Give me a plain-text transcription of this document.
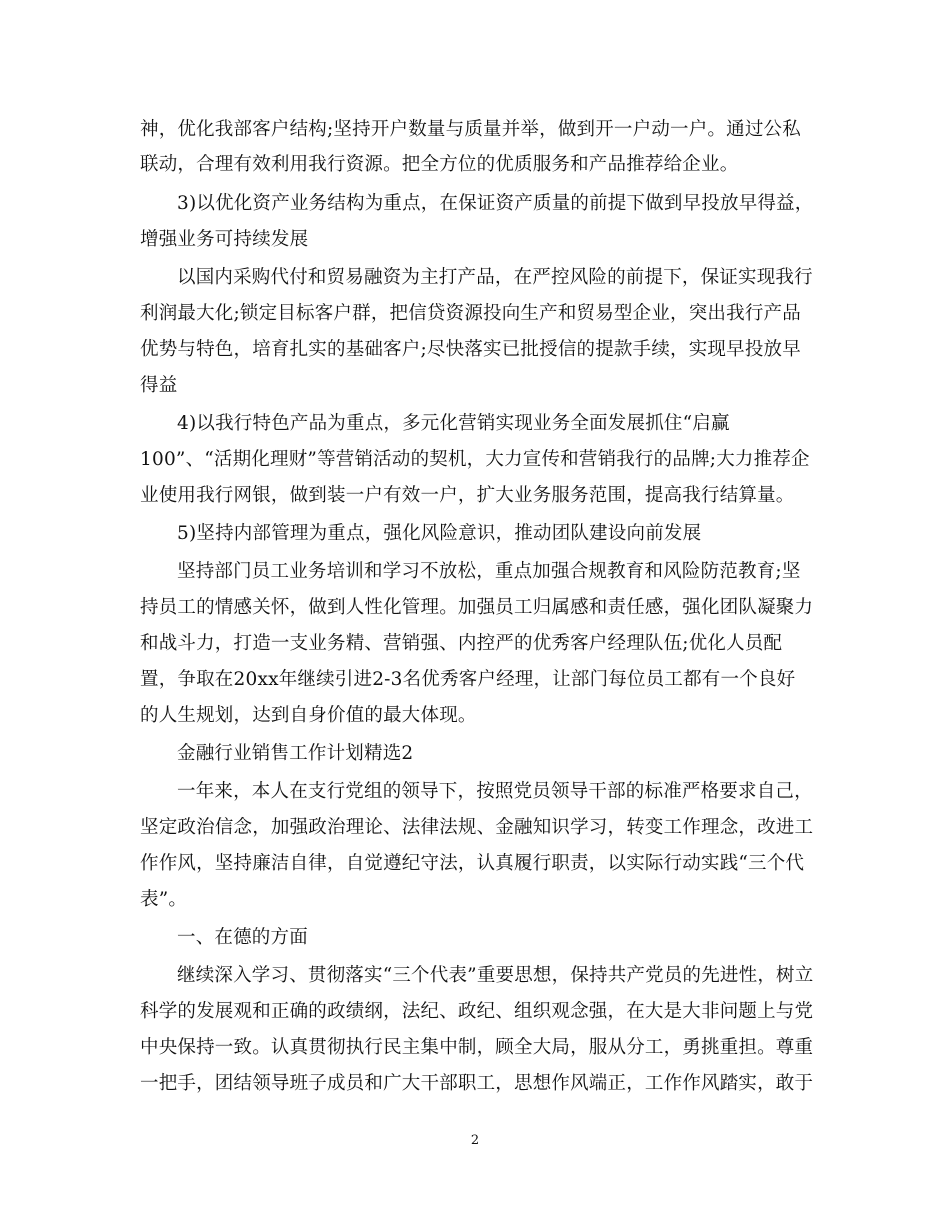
神，优化我部客户结构;坚持开户数量与质量并举，做到开一户动一户。通过公私
联动，合理有效利用我行资源。把全方位的优质服务和产品推荐给企业。
3)以优化资产业务结构为重点，在保证资产质量的前提下做到早投放早得益，
增强业务可持续发展
以国内采购代付和贸易融资为主打产品，在严控风险的前提下，保证实现我行
利润最大化;锁定目标客户群，把信贷资源投向生产和贸易型企业，突出我行产品
优势与特色，培育扎实的基础客户;尽快落实已批授信的提款手续，实现早投放早
得益
4)以我行特色产品为重点，多元化营销实现业务全面发展抓住“启赢
100”、“活期化理财”等营销活动的契机，大力宣传和营销我行的品牌;大力推荐企
业使用我行网银，做到装一户有效一户，扩大业务服务范围，提高我行结算量。
5)坚持内部管理为重点，强化风险意识，推动团队建设向前发展
坚持部门员工业务培训和学习不放松，重点加强合规教育和风险防范教育;坚
持员工的情感关怀，做到人性化管理。加强员工归属感和责任感，强化团队凝聚力
和战斗力，打造一支业务精、营销强、内控严的优秀客户经理队伍;优化人员配
置，争取在20xx年继续引进2-3名优秀客户经理，让部门每位员工都有一个良好
的人生规划，达到自身价值的最大体现。
金融行业销售工作计划精选2
一年来，本人在支行党组的领导下，按照党员领导干部的标准严格要求自己，
坚定政治信念，加强政治理论、法律法规、金融知识学习，转变工作理念，改进工
作作风，坚持廉洁自律，自觉遵纪守法，认真履行职责，以实际行动实践“三个代
表”。
一、在德的方面
继续深入学习、贯彻落实“三个代表”重要思想，保持共产党员的先进性，树立
科学的发展观和正确的政绩纲，法纪、政纪、组织观念强，在大是大非问题上与党
中央保持一致。认真贯彻执行民主集中制，顾全大局，服从分工，勇挑重担。尊重
一把手，团结领导班子成员和广大干部职工，思想作风端正，工作作风踏实，敢于
2
